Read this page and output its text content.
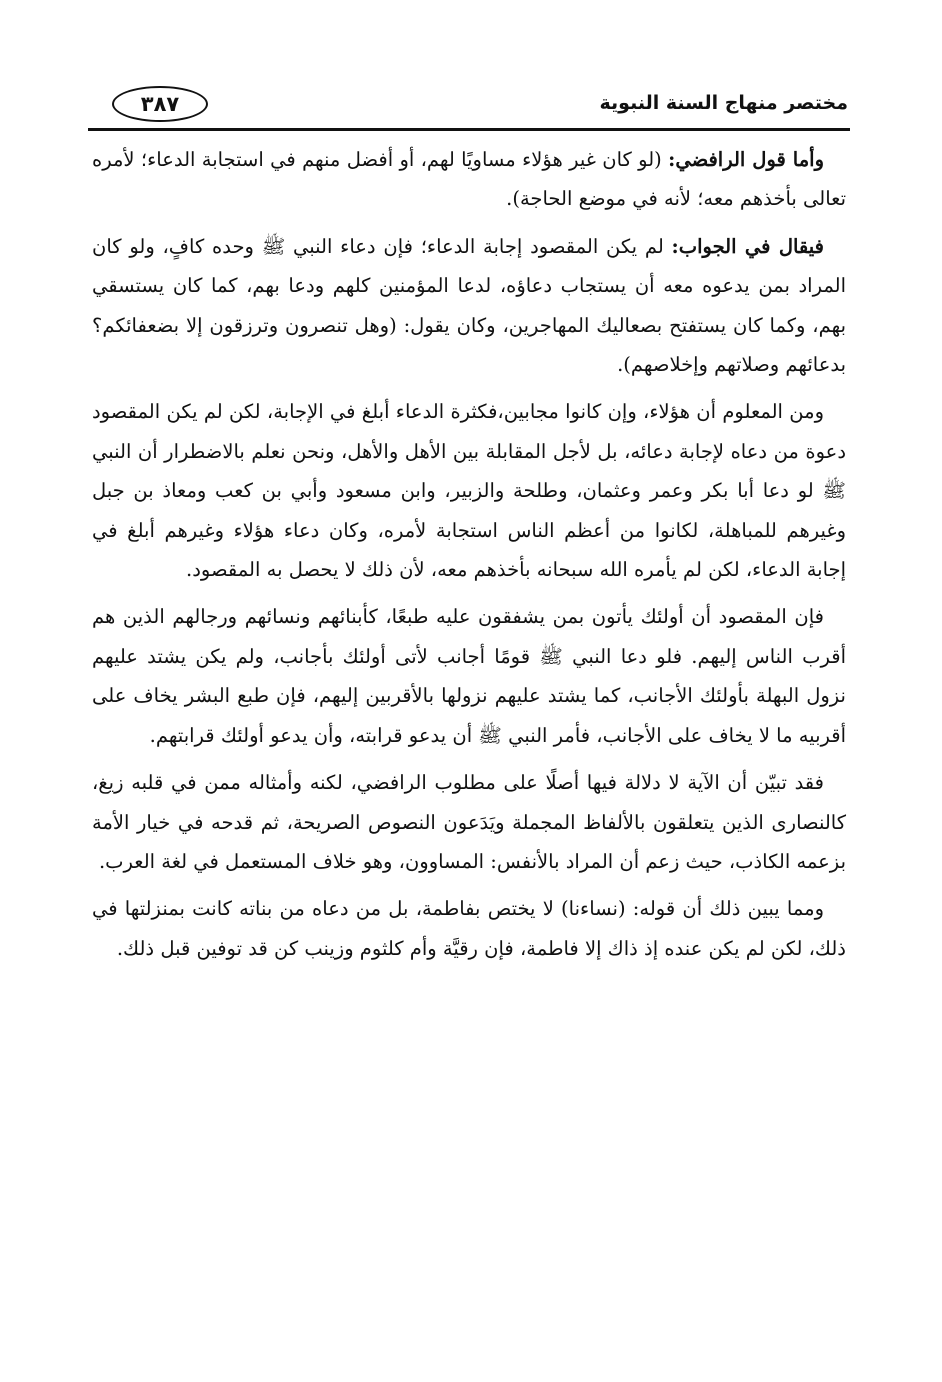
مختصر منهاج السنة النبوية
٣٨٧

وأما قول الرافضي: (لو كان غير هؤلاء مساويًا لهم، أو أفضل منهم في استجابة الدعاء؛ لأمره تعالى بأخذهم معه؛ لأنه في موضع الحاجة).

فيقال في الجواب: لم يكن المقصود إجابة الدعاء؛ فإن دعاء النبي ﷺ وحده كافٍ، ولو كان المراد بمن يدعوه معه أن يستجاب دعاؤه، لدعا المؤمنين كلهم ودعا بهم، كما كان يستسقي بهم، وكما كان يستفتح بصعاليك المهاجرين، وكان يقول: (وهل تنصرون وترزقون إلا بضعفائكم؟ بدعائهم وصلاتهم وإخلاصهم).

ومن المعلوم أن هؤلاء، وإن كانوا مجابين،فكثرة الدعاء أبلغ في الإجابة، لكن لم يكن المقصود دعوة من دعاه لإجابة دعائه، بل لأجل المقابلة بين الأهل والأهل، ونحن نعلم بالاضطرار أن النبي ﷺ لو دعا أبا بكر وعمر وعثمان، وطلحة والزبير، وابن مسعود وأبي بن كعب ومعاذ بن جبل وغيرهم للمباهلة، لكانوا من أعظم الناس استجابة لأمره، وكان دعاء هؤلاء وغيرهم أبلغ في إجابة الدعاء، لكن لم يأمره الله سبحانه بأخذهم معه، لأن ذلك لا يحصل به المقصود.

فإن المقصود أن أولئك يأتون بمن يشفقون عليه طبعًا، كأبنائهم ونسائهم ورجالهم الذين هم أقرب الناس إليهم. فلو دعا النبي ﷺ قومًا أجانب لأتى أولئك بأجانب، ولم يكن يشتد عليهم نزول البهلة بأولئك الأجانب، كما يشتد عليهم نزولها بالأقربين إليهم، فإن طبع البشر يخاف على أقربيه ما لا يخاف على الأجانب، فأمر النبي ﷺ أن يدعو قرابته، وأن يدعو أولئك قرابتهم.

فقد تبيّن أن الآية لا دلالة فيها أصلًا على مطلوب الرافضي، لكنه وأمثاله ممن في قلبه زيغ، كالنصارى الذين يتعلقون بالألفاظ المجملة ويَدَعون النصوص الصريحة، ثم قدحه في خيار الأمة بزعمه الكاذب، حيث زعم أن المراد بالأنفس: المساوون، وهو خلاف المستعمل في لغة العرب.

ومما يبين ذلك أن قوله: (نساءنا) لا يختص بفاطمة، بل من دعاه من بناته كانت بمنزلتها في ذلك، لكن لم يكن عنده إذ ذاك إلا فاطمة، فإن رقيَّة وأم كلثوم وزينب كن قد توفين قبل ذلك.
